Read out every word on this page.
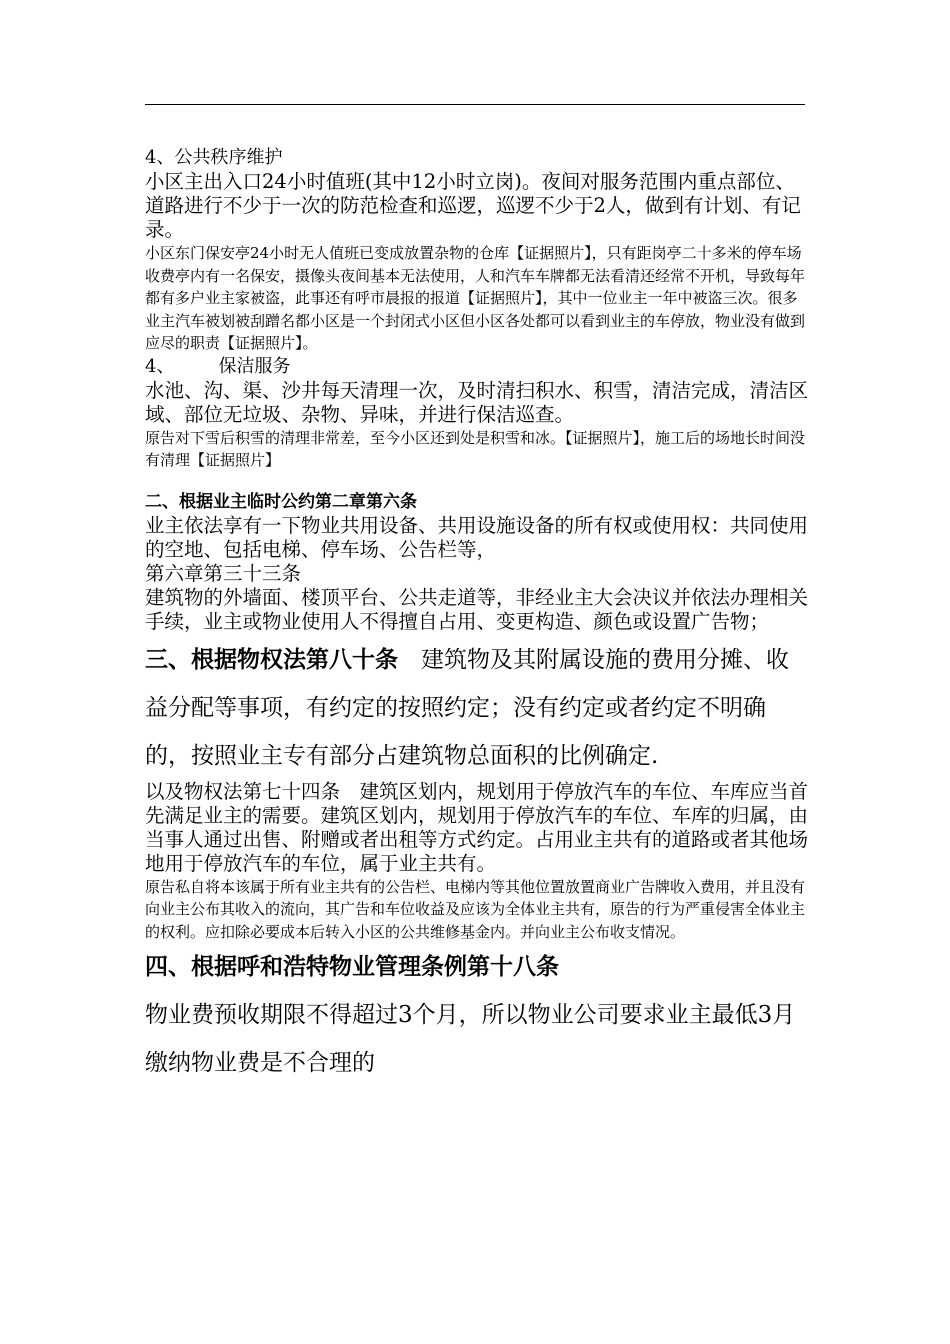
4、公共秩序维护

小区主出入口24小时值班(其中12小时立岗)。夜间对服务范围内重点部位、道路进行不少于一次的防范检查和巡逻，巡逻不少于2人，做到有计划、有记录。

小区东门保安亭24小时无人值班已变成放置杂物的仓库【证据照片】，只有距岗亭二十多米的停车场收费亭内有一名保安，摄像头夜间基本无法使用，人和汽车车牌都无法看清还经常不开机，导致每年都有多户业主家被盗，此事还有呼市晨报的报道【证据照片】，其中一位业主一年中被盗三次。很多业主汽车被划被刮蹭名都小区是一个封闭式小区但小区各处都可以看到业主的车停放，物业没有做到应尽的职责【证据照片】。

4、 保洁服务

水池、沟、渠、沙井每天清理一次，及时清扫积水、积雪，清洁完成，清洁区域、部位无垃圾、杂物、异味，并进行保洁巡查。

原告对下雪后积雪的清理非常差，至今小区还到处是积雪和冰。【证据照片】，施工后的场地长时间没有清理【证据照片】

二、根据业主临时公约第二章第六条

业主依法享有一下物业共用设备、共用设施设备的所有权或使用权：共同使用的空地、包括电梯、停车场、公告栏等，

第六章第三十三条

建筑物的外墙面、楼顶平台、公共走道等，非经业主大会决议并依法办理相关手续，业主或物业使用人不得擅自占用、变更构造、颜色或设置广告物；

三、根据物权法第八十条　 建筑物及其附属设施的费用分摊、收益分配等事项，有约定的按照约定；没有约定或者约定不明确的，按照业主专有部分占建筑物总面积的比例确定.

以及物权法第七十四条　建筑区划内，规划用于停放汽车的车位、车库应当首先满足业主的需要。建筑区划内，规划用于停放汽车的车位、车库的归属，由当事人通过出售、附赠或者出租等方式约定。占用业主共有的道路或者其他场地用于停放汽车的车位，属于业主共有。

原告私自将本该属于所有业主共有的公告栏、电梯内等其他位置放置商业广告牌收入费用，并且没有向业主公布其收入的流向，其广告和车位收益及应该为全体业主共有，原告的行为严重侵害全体业主的权利。应扣除必要成本后转入小区的公共维修基金内。并向业主公布收支情况。

四、根据呼和浩特物业管理条例第十八条

物业费预收期限不得超过3个月，所以物业公司要求业主最低3月缴纳物业费是不合理的
